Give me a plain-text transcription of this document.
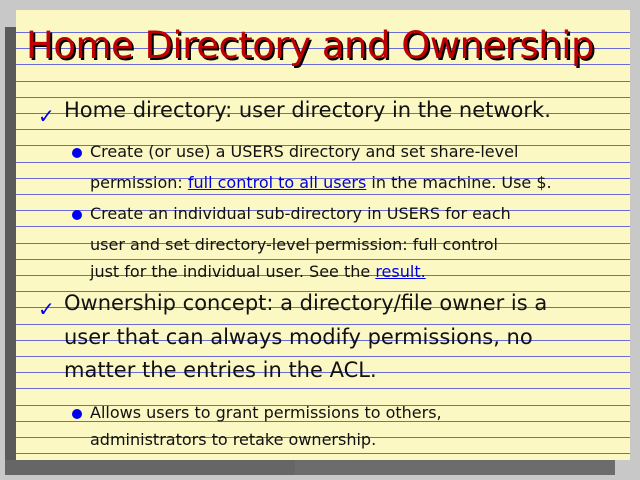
Home Directory and Ownership
✓ Home directory: user directory in the network.
Create (or use) a USERS directory and set share-level
permission: full control to all users in the machine. Use $.
Create an individual sub-directory in USERS for each
user and set directory-level permission: full control
just for the individual user. See the result.
✓ Ownership concept: a directory/file owner is a
user that can always modify permissions, no
matter the entries in the ACL.
Allows users to grant permissions to others,
administrators to retake ownership.
